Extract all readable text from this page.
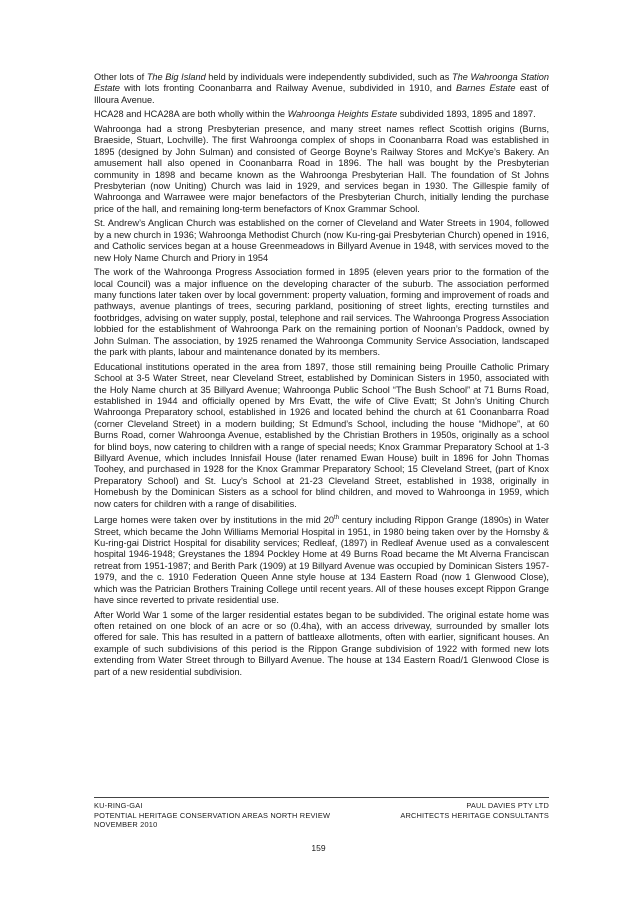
Other lots of The Big Island held by individuals were independently subdivided, such as The Wahroonga Station Estate with lots fronting Coonanbarra and Railway Avenue, subdivided in 1910, and Barnes Estate east of Illoura Avenue.

HCA28 and HCA28A are both wholly within the Wahroonga Heights Estate subdivided 1893, 1895 and 1897.

Wahroonga had a strong Presbyterian presence, and many street names reflect Scottish origins (Burns, Braeside, Stuart, Lochville). The first Wahroonga complex of shops in Coonanbarra Road was established in 1895 (designed by John Sulman) and consisted of George Boyne’s Railway Stores and McKye’s Bakery. An amusement hall also opened in Coonanbarra Road in 1896. The hall was bought by the Presbyterian community in 1898 and became known as the Wahroonga Presbyterian Hall. The foundation of St Johns Presbyterian (now Uniting) Church was laid in 1929, and services began in 1930. The Gillespie family of Wahroonga and Warrawee were major benefactors of the Presbyterian Church, initially lending the purchase price of the hall, and remaining long-term benefactors of Knox Grammar School.

St. Andrew’s Anglican Church was established on the corner of Cleveland and Water Streets in 1904, followed by a new church in 1936; Wahroonga Methodist Church (now Ku-ring-gai Presbyterian Church) opened in 1916, and Catholic services began at a house Greenmeadows in Billyard Avenue in 1948, with services moved to the new Holy Name Church and Priory in 1954

The work of the Wahroonga Progress Association formed in 1895 (eleven years prior to the formation of the local Council) was a major influence on the developing character of the suburb. The association performed many functions later taken over by local government: property valuation, forming and improvement of roads and pathways, avenue plantings of trees, securing parkland, positioning of street lights, erecting turnstiles and footbridges, advising on water supply, postal, telephone and rail services. The Wahroonga Progress Association lobbied for the establishment of Wahroonga Park on the remaining portion of Noonan’s Paddock, owned by John Sulman. The association, by 1925 renamed the Wahroonga Community Service Association, landscaped the park with plants, labour and maintenance donated by its members.

Educational institutions operated in the area from 1897, those still remaining being Prouille Catholic Primary School at 3-5 Water Street, near Cleveland Street, established by Dominican Sisters in 1950, associated with the Holy Name church at 35 Billyard Avenue; Wahroonga Public School “The Bush School” at 71 Burns Road, established in 1944 and officially opened by Mrs Evatt, the wife of Clive Evatt; St John’s Uniting Church Wahroonga Preparatory school, established in 1926 and located behind the church at 61 Coonanbarra Road (corner Cleveland Street) in a modern building; St Edmund’s School, including the house “Midhope”, at 60 Burns Road, corner Wahroonga Avenue, established by the Christian Brothers in 1950s, originally as a school for blind boys, now catering to children with a range of special needs; Knox Grammar Preparatory School at 1-3 Billyard Avenue, which includes Innisfail House (later renamed Ewan House) built in 1896 for John Thomas Toohey, and purchased in 1928 for the Knox Grammar Preparatory School; 15 Cleveland Street, (part of Knox Preparatory School) and St. Lucy’s School at 21-23 Cleveland Street, established in 1938, originally in Homebush by the Dominican Sisters as a school for blind children, and moved to Wahroonga in 1959, which now caters for children with a range of disabilities.

Large homes were taken over by institutions in the mid 20th century including Rippon Grange (1890s) in Water Street, which became the John Williams Memorial Hospital in 1951, in 1980 being taken over by the Hornsby & Ku-ring-gai District Hospital for disability services; Redleaf, (1897) in Redleaf Avenue used as a convalescent hospital 1946-1948; Greystanes the 1894 Pockley Home at 49 Burns Road became the Mt Alverna Franciscan retreat from 1951-1987; and Berith Park (1909) at 19 Billyard Avenue was occupied by Dominican Sisters 1957-1979, and the c. 1910 Federation Queen Anne style house at 134 Eastern Road (now 1 Glenwood Close), which was the Patrician Brothers Training College until recent years. All of these houses except Rippon Grange have since reverted to private residential use.

After World War 1 some of the larger residential estates began to be subdivided. The original estate home was often retained on one block of an acre or so (0.4ha), with an access driveway, surrounded by smaller lots offered for sale. This has resulted in a pattern of battleaxe allotments, often with earlier, significant houses. An example of such subdivisions of this period is the Rippon Grange subdivision of 1922 with formed new lots extending from Water Street through to Billyard Avenue. The house at 134 Eastern Road/1 Glenwood Close is part of a new residential subdivision.

KU-RING-GAI
POTENTIAL HERITAGE CONSERVATION AREAS NORTH REVIEW
NOVEMBER 2010
PAUL DAVIES PTY LTD
ARCHITECTS HERITAGE CONSULTANTS
159
